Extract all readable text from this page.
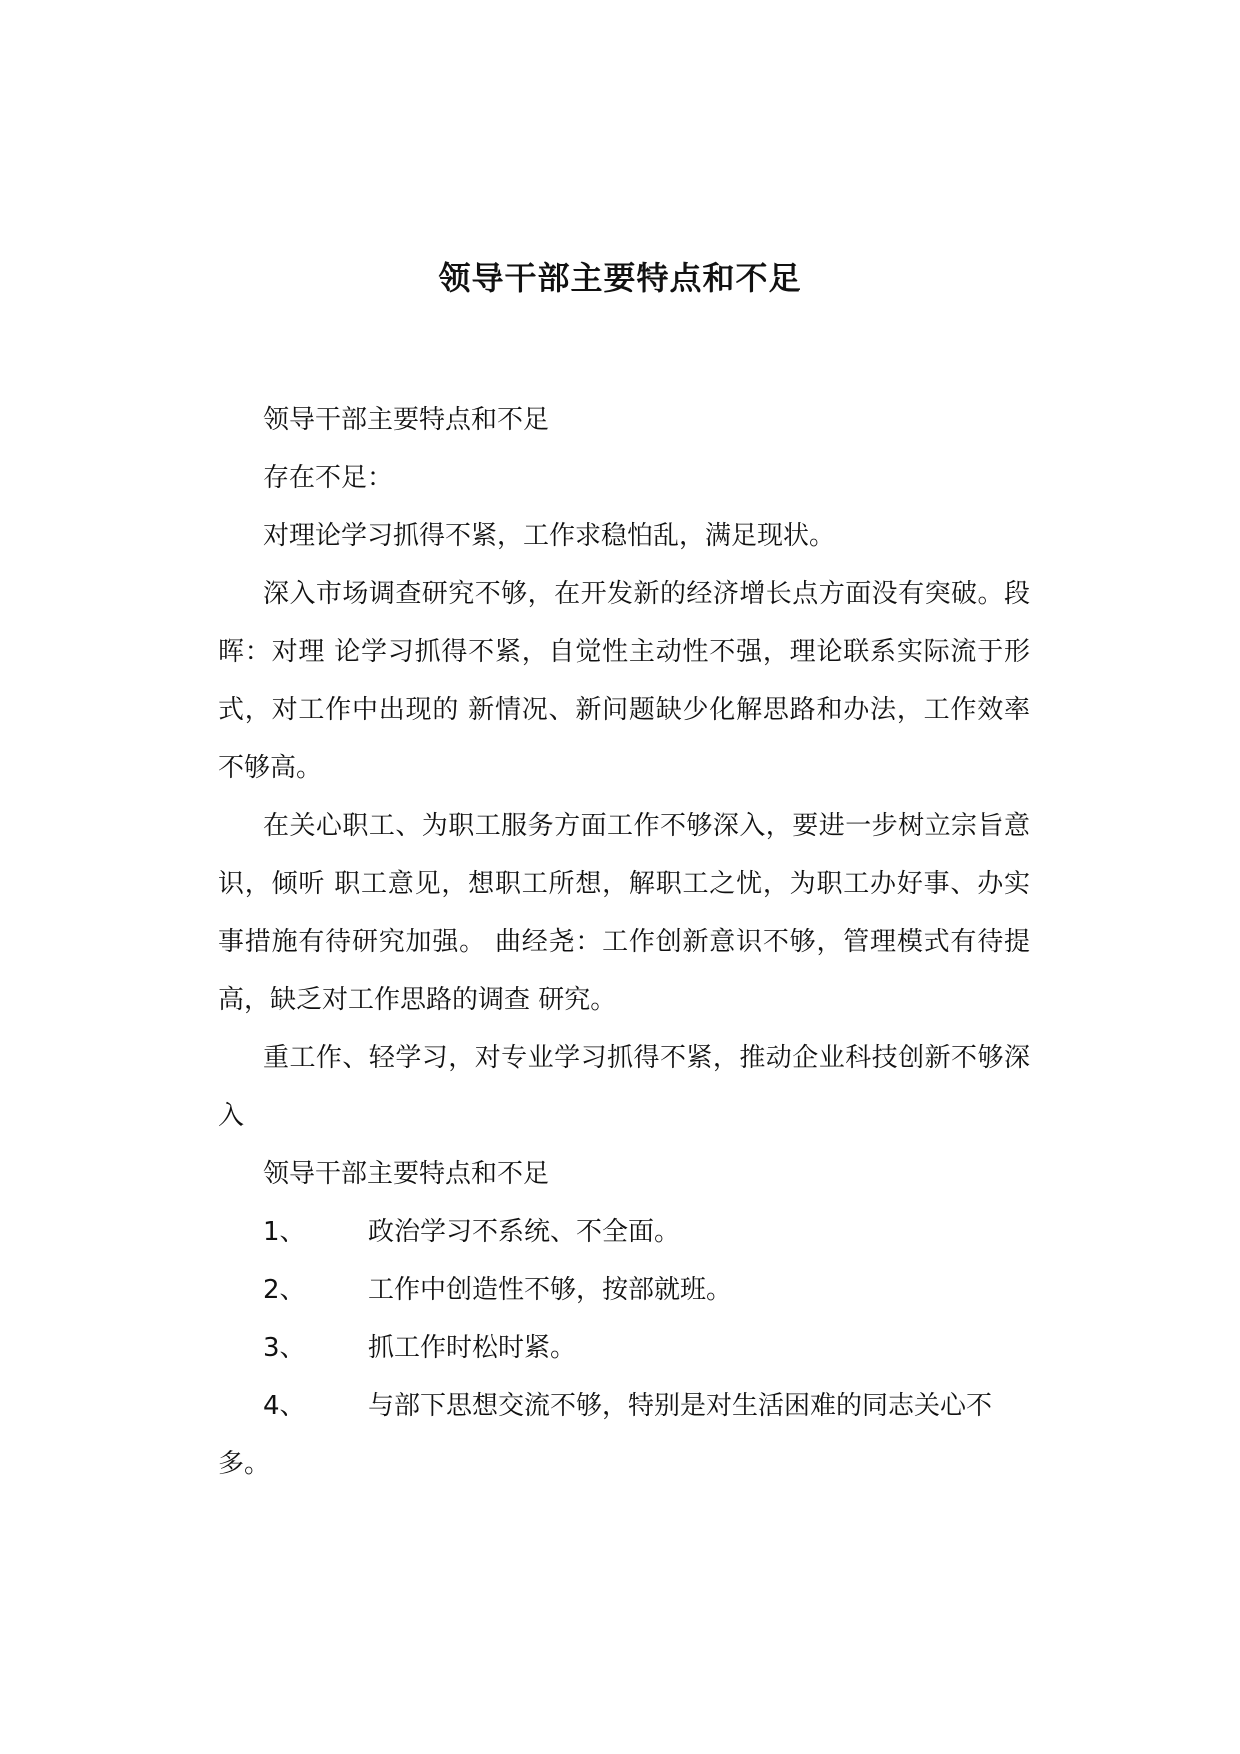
领导干部主要特点和不足

领导干部主要特点和不足

存在不足：

对理论学习抓得不紧，工作求稳怕乱，满足现状。

深入市场调查研究不够，在开发新的经济增长点方面没有突破。段晖：对理 论学习抓得不紧，自觉性主动性不强，理论联系实际流于形式，对工作中出现的 新情况、新问题缺少化解思路和办法，工作效率不够高。

在关心职工、为职工服务方面工作不够深入，要进一步树立宗旨意识，倾听 职工意见，想职工所想，解职工之忧，为职工办好事、办实事措施有待研究加强。 曲经尧：工作创新意识不够，管理模式有待提高，缺乏对工作思路的调查 研究。

重工作、轻学习，对专业学习抓得不紧，推动企业科技创新不够深入

领导干部主要特点和不足

1、 政治学习不系统、不全面。

2、 工作中创造性不够，按部就班。

3、 抓工作时松时紧。

4、 与部下思想交流不够，特别是对生活困难的同志关心不多。
